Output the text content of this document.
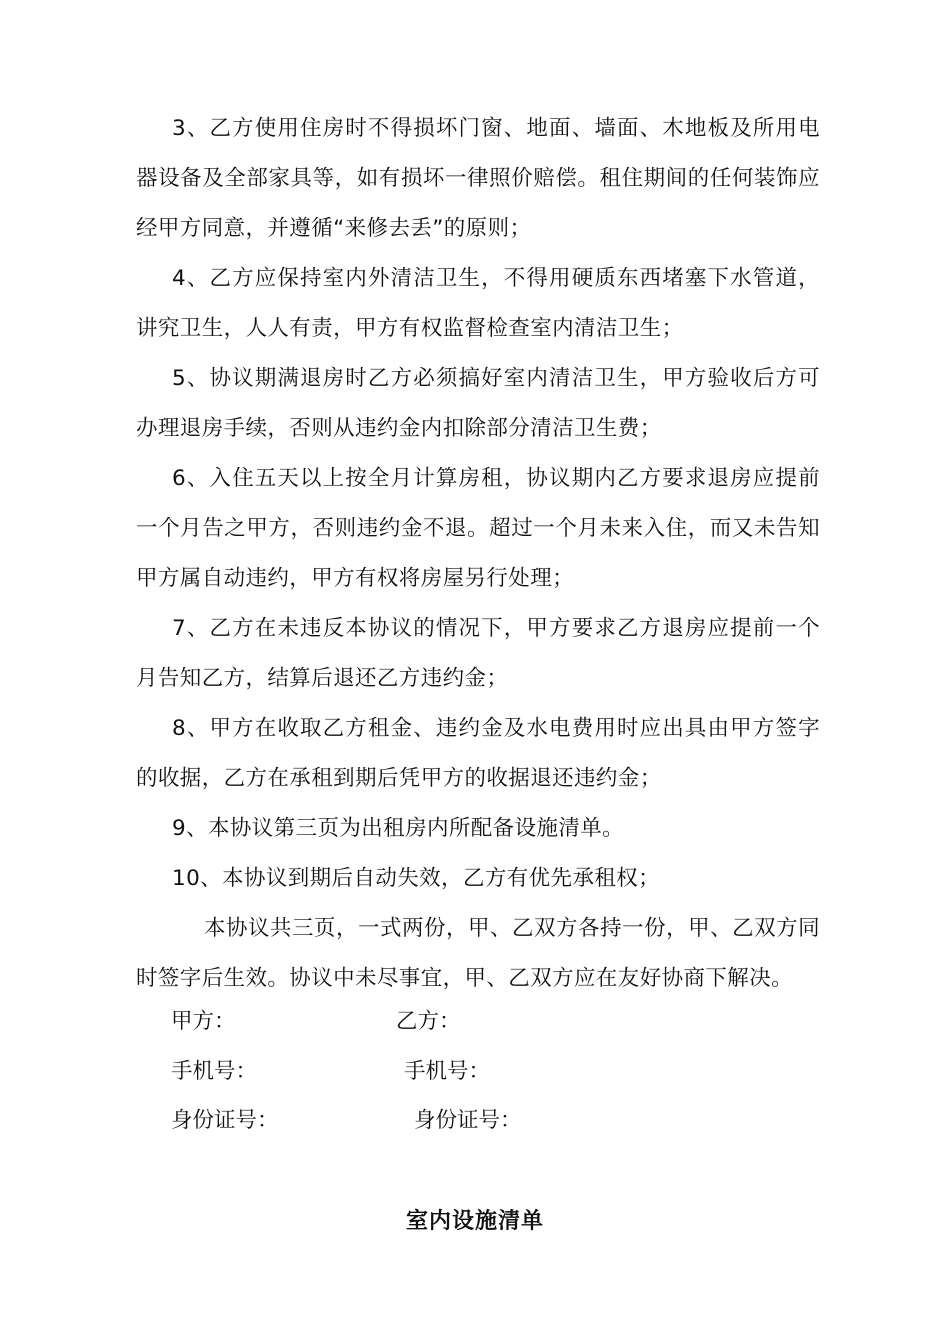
3、乙方使用住房时不得损坏门窗、地面、墙面、木地板及所用电器设备及全部家具等，如有损坏一律照价赔偿。租住期间的任何装饰应经甲方同意，并遵循“来修去丢”的原则；

4、乙方应保持室内外清洁卫生，不得用硬质东西堵塞下水管道，讲究卫生，人人有责，甲方有权监督检查室内清洁卫生；

5、协议期满退房时乙方必须搞好室内清洁卫生，甲方验收后方可办理退房手续，否则从违约金内扣除部分清洁卫生费；

6、入住五天以上按全月计算房租，协议期内乙方要求退房应提前一个月告之甲方，否则违约金不退。超过一个月未来入住，而又未告知甲方属自动违约，甲方有权将房屋另行处理；

7、乙方在未违反本协议的情况下，甲方要求乙方退房应提前一个月告知乙方，结算后退还乙方违约金；

8、甲方在收取乙方租金、违约金及水电费用时应出具由甲方签字的收据，乙方在承租到期后凭甲方的收据退还违约金；

9、本协议第三页为出租房内所配备设施清单。

10、本协议到期后自动失效，乙方有优先承租权；

本协议共三页，一式两份，甲、乙双方各持一份，甲、乙双方同时签字后生效。协议中未尽事宜，甲、乙双方应在友好协商下解决。

甲方：	乙方：
手机号：	手机号：
身份证号：	身份证号：
室内设施清单
